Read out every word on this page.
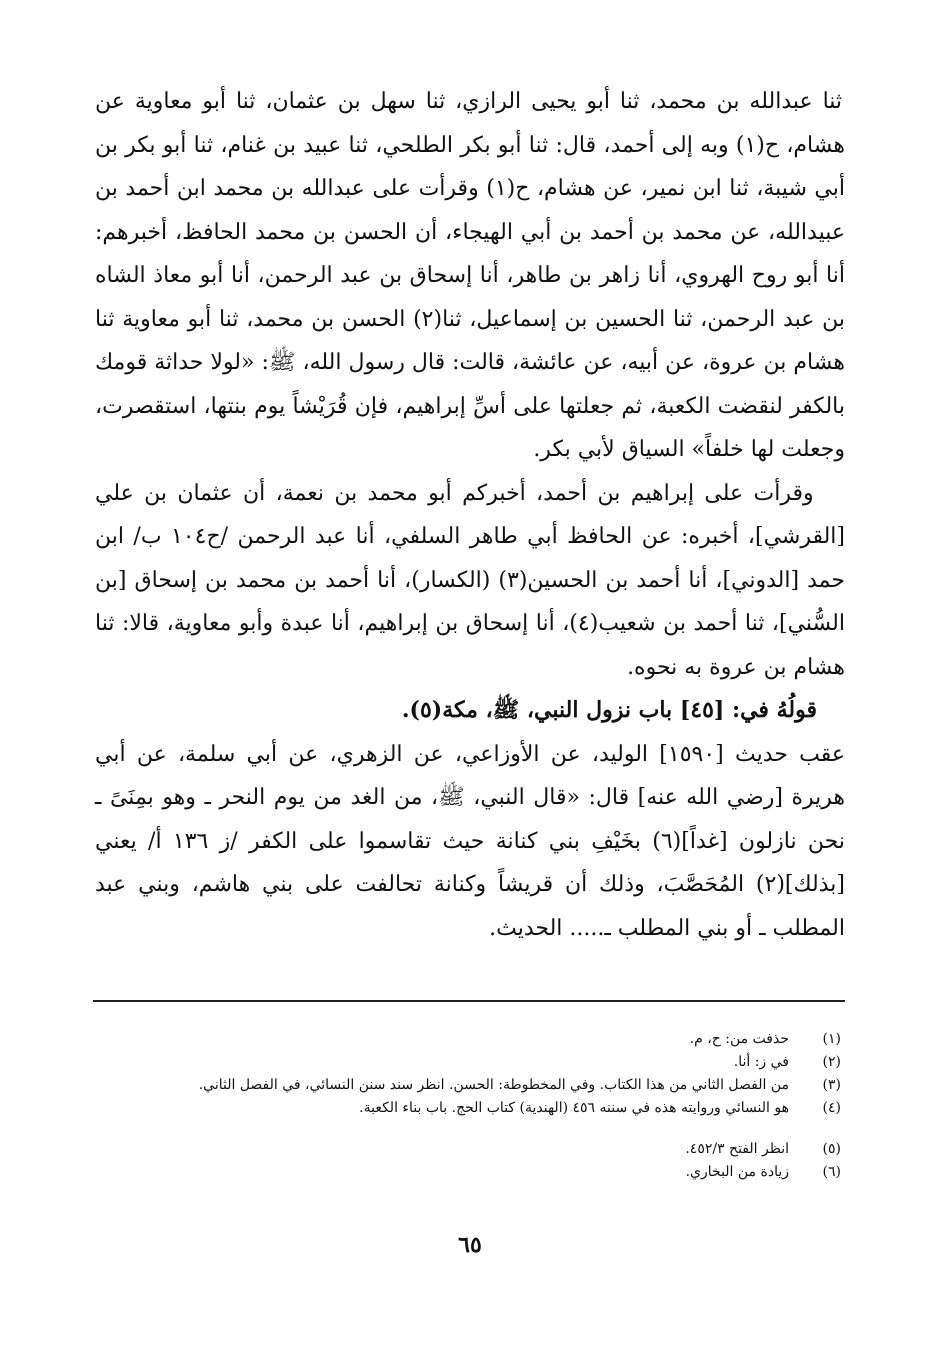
ثنا عبدالله بن محمد، ثنا أبو يحيى الرازي، ثنا سهل بن عثمان، ثنا أبو معاوية عن هشام، ح(١) وبه إلى أحمد، قال: ثنا أبو بكر الطلحي، ثنا عبيد بن غنام، ثنا أبو بكر بن أبي شيبة، ثنا ابن نمير، عن هشام، ح(١) وقرأت على عبدالله بن محمد ابن أحمد بن عبيدالله، عن محمد بن أحمد بن أبي الهيجاء، أن الحسن بن محمد الحافظ، أخبرهم: أنا أبو روح الهروي، أنا زاهر بن طاهر، أنا إسحاق بن عبد الرحمن، أنا أبو معاذ الشاه بن عبد الرحمن، ثنا الحسين بن إسماعيل، ثنا(٢) الحسن بن محمد، ثنا أبو معاوية ثنا هشام بن عروة، عن أبيه، عن عائشة، قالت: قال رسول الله، ﷺ: «لولا حداثة قومك بالكفر لنقضت الكعبة، ثم جعلتها على أسِّ إبراهيم، فإن قُرَيْشاً يوم بنتها، استقصرت، وجعلت لها خلفاً» السياق لأبي بكر.

وقرأت على إبراهيم بن أحمد، أخبركم أبو محمد بن نعمة، أن عثمان بن علي [القرشي]، أخبره: عن الحافظ أبي طاهر السلفي، أنا عبد الرحمن /ح١٠٤ ب/ ابن حمد [الدوني]، أنا أحمد بن الحسين(٣) (الكسار)، أنا أحمد بن محمد بن إسحاق [بن السُّني]، ثنا أحمد بن شعيب(٤)، أنا إسحاق بن إبراهيم، أنا عبدة وأبو معاوية، قالا: ثنا هشام بن عروة به نحوه.

قولُهُ في: [٤٥] باب نزول النبي، ﷺ، مكة(٥).

عقب حديث [١٥٩٠] الوليد، عن الأوزاعي، عن الزهري، عن أبي سلمة، عن أبي هريرة [رضي الله عنه] قال: «قال النبي، ﷺ، من الغد من يوم النحر ـ وهو بمِنَىً ـ نحن نازلون [غداً](٦) بخَيْفِ بني كنانة حيث تقاسموا على الكفر /ز ١٣٦ أ/ يعني [بذلك](٢) المُحَصَّبَ، وذلك أن قريشاً وكنانة تحالفت على بني هاشم، وبني عبد المطلب ـ أو بني المطلب ـ..... الحديث.

(١)
حذفت من: ح، م.
(٢)
في ز: أنا.
(٣)
من الفصل الثاني من هذا الكتاب. وفي المخطوطة: الحسن. انظر سند سنن النسائي، في الفصل الثاني.
(٤)
هو النسائي وروايته هذه في سننه ٤٥٦ (الهندية) كتاب الحج. باب بناء الكعبة.
(٥)
انظر الفتح ٤٥٢/٣.
(٦)
زيادة من البخاري.
٦٥
